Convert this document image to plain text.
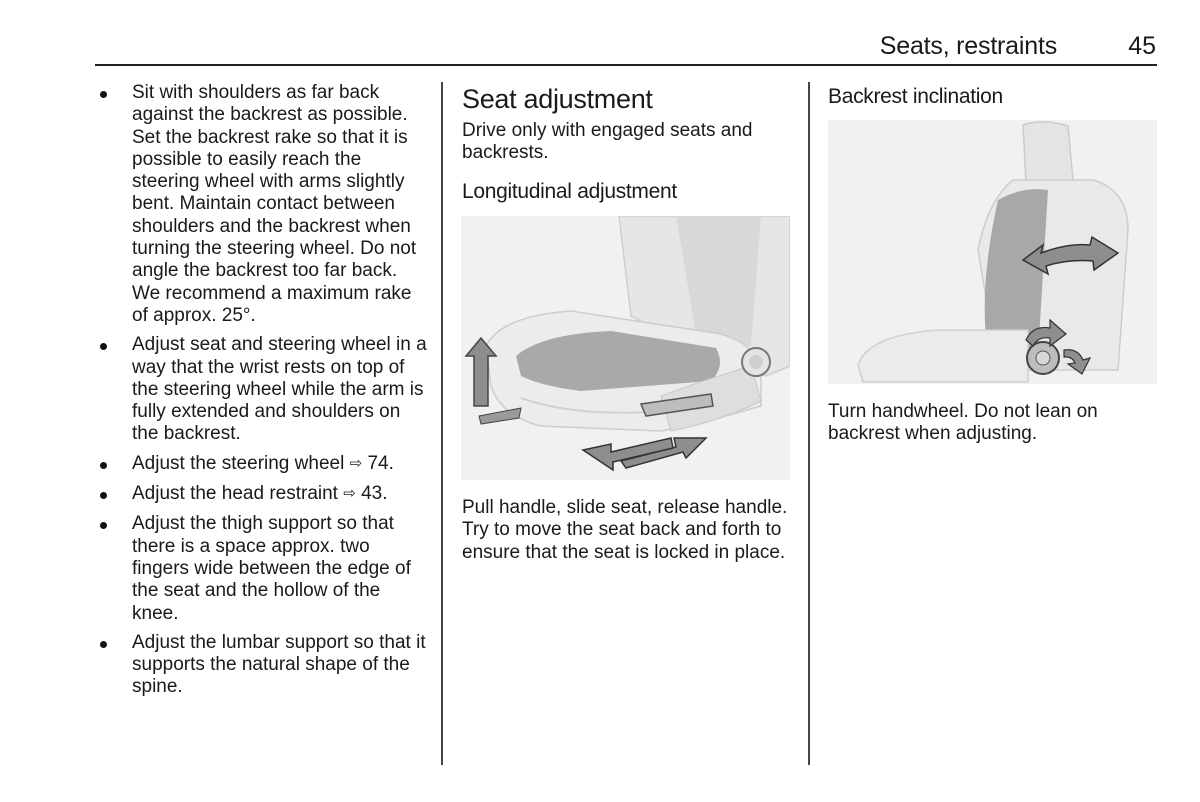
Seats, restraints	45
Sit with shoulders as far back against the backrest as possible. Set the backrest rake so that it is possible to easily reach the steering wheel with arms slightly bent. Maintain contact between shoulders and the backrest when turning the steering wheel. Do not angle the backrest too far back. We recommend a maximum rake of approx. 25°.
Adjust seat and steering wheel in a way that the wrist rests on top of the steering wheel while the arm is fully extended and shoulders on the backrest.
Adjust the steering wheel ⇨ 74.
Adjust the head restraint ⇨ 43.
Adjust the thigh support so that there is a space approx. two fingers wide between the edge of the seat and the hollow of the knee.
Adjust the lumbar support so that it supports the natural shape of the spine.
Seat adjustment

Drive only with engaged seats and backrests.

Longitudinal adjustment

Pull handle, slide seat, release handle. Try to move the seat back and forth to ensure that the seat is locked in place.

Backrest inclination

Turn handwheel. Do not lean on backrest when adjusting.
